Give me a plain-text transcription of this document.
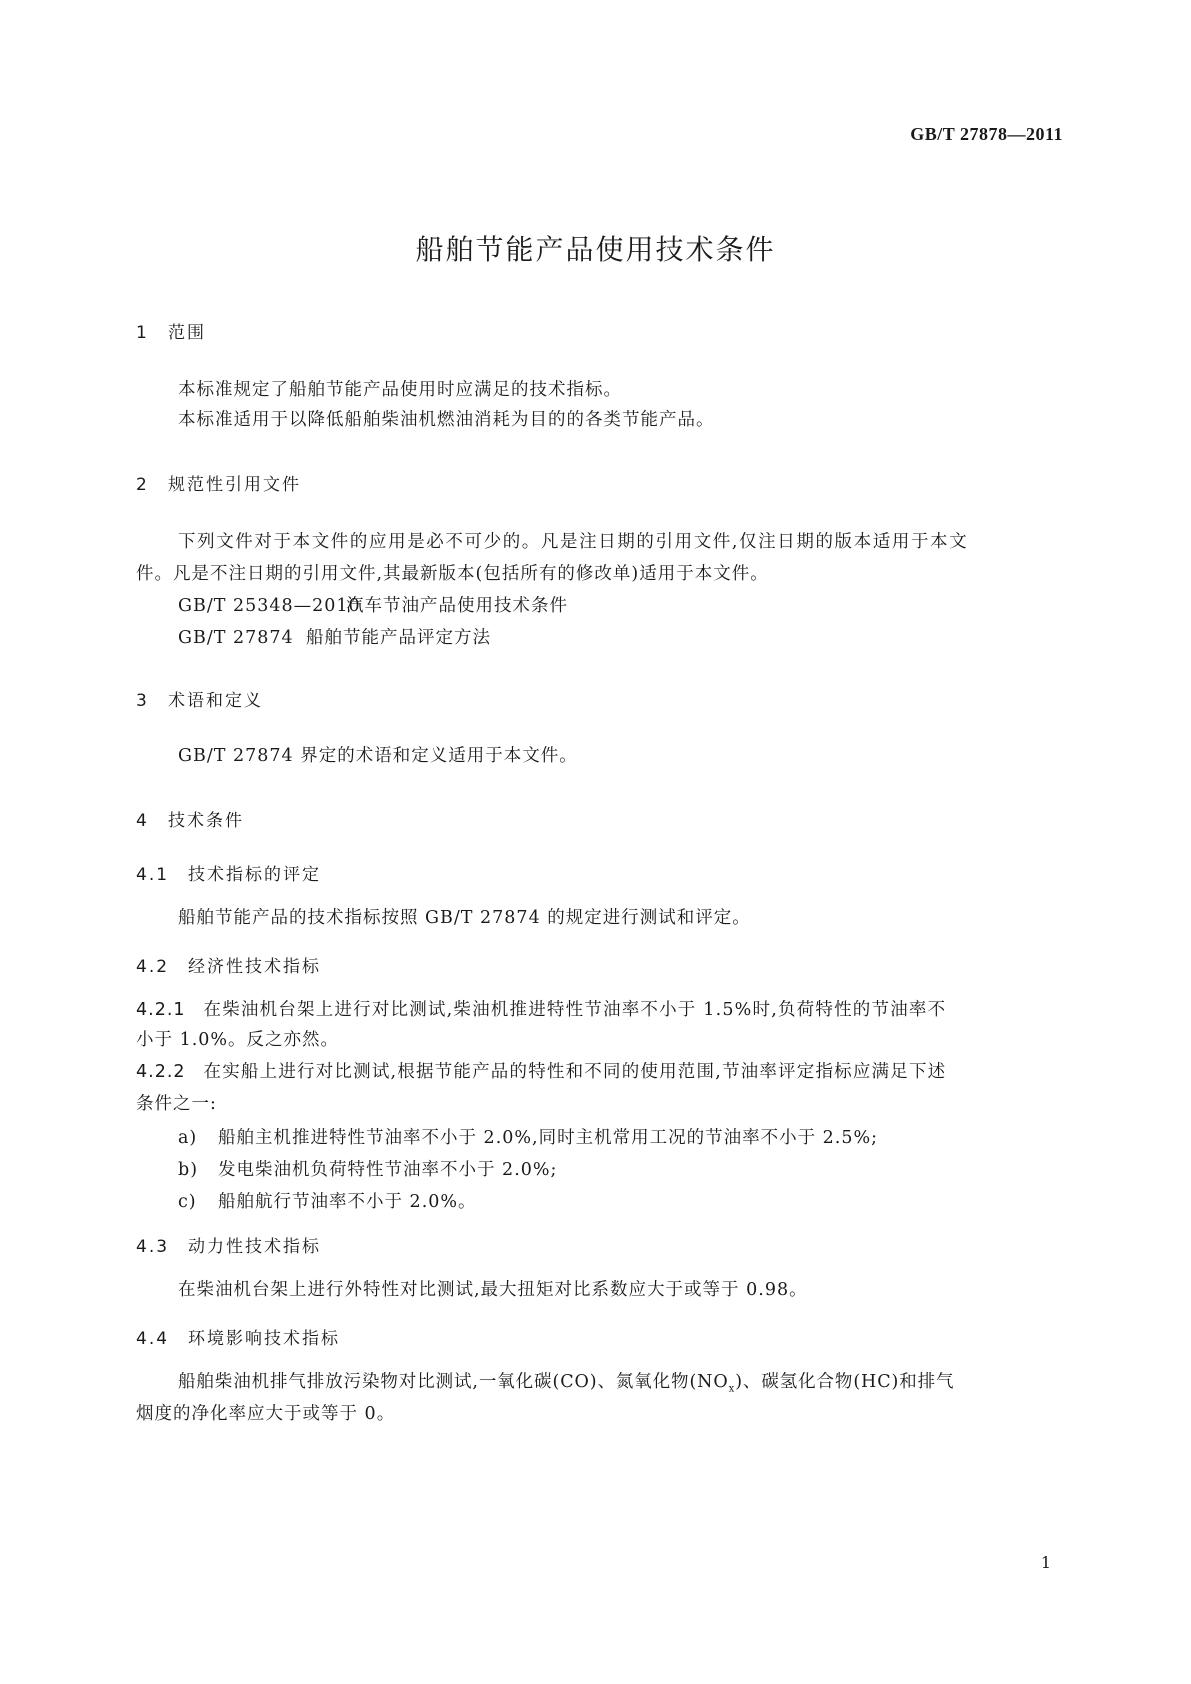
GB/T 27878—2011
船舶节能产品使用技术条件
1 范围
本标准规定了船舶节能产品使用时应满足的技术指标。
本标准适用于以降低船舶柴油机燃油消耗为目的的各类节能产品。
2 规范性引用文件
下列文件对于本文件的应用是必不可少的。凡是注日期的引用文件,仅注日期的版本适用于本文
件。凡是不注日期的引用文件,其最新版本(包括所有的修改单)适用于本文件。
GB/T 25348—2010汽车节油产品使用技术条件
GB/T 27874 船舶节能产品评定方法
3 术语和定义
GB/T 27874 界定的术语和定义适用于本文件。
4 技术条件
4.1 技术指标的评定
船舶节能产品的技术指标按照 GB/T 27874 的规定进行测试和评定。
4.2 经济性技术指标
4.2.1 在柴油机台架上进行对比测试,柴油机推进特性节油率不小于 1.5%时,负荷特性的节油率不
小于 1.0%。反之亦然。
4.2.2 在实船上进行对比测试,根据节能产品的特性和不同的使用范围,节油率评定指标应满足下述
条件之一:
a) 船舶主机推进特性节油率不小于 2.0%,同时主机常用工况的节油率不小于 2.5%;
b) 发电柴油机负荷特性节油率不小于 2.0%;
c) 船舶航行节油率不小于 2.0%。
4.3 动力性技术指标
在柴油机台架上进行外特性对比测试,最大扭矩对比系数应大于或等于 0.98。
4.4 环境影响技术指标
船舶柴油机排气排放污染物对比测试,一氧化碳(CO)、氮氧化物$(NO_x)$、碳氢化合物(HC)和排气
烟度的净化率应大于或等于 0。
1
